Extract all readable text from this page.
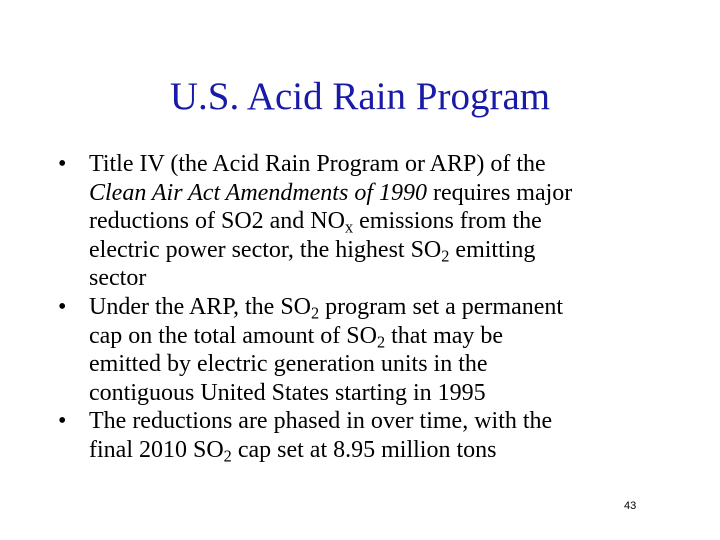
U.S. Acid Rain Program
• Title IV (the Acid Rain Program or ARP) of the
Clean Air Act Amendments of 1990 requires major
reductions of SO2 and $NO_x$ emissions from the
electric power sector, the highest $SO_2$ emitting
sector
• Under the ARP, the $SO_2$ program set a permanent
cap on the total amount of $SO_2$ that may be
emitted by electric generation units in the
contiguous United States starting in 1995
• The reductions are phased in over time, with the
final 2010 $SO_2$ cap set at 8.95 million tons
43
